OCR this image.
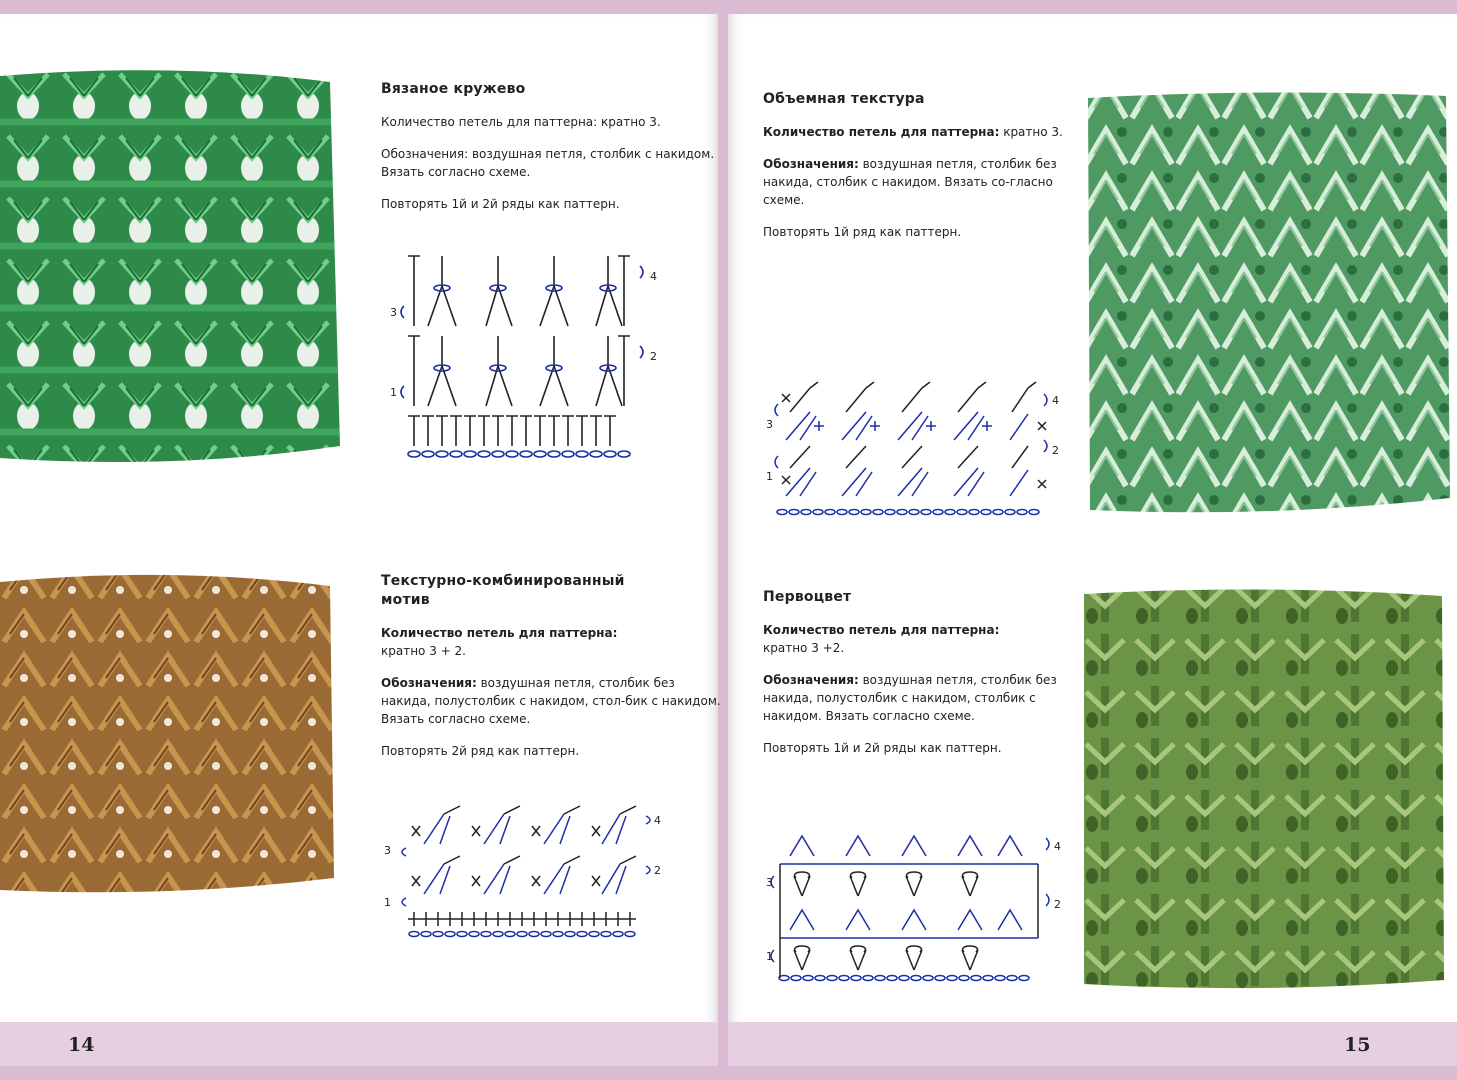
Вязаное кружево

Количество петель для паттерна: кратно 3.

Обозначения: воздушная петля, столбик с накидом. Вязать согласно схеме.

Повторять 1й и 2й ряды как паттерн.

4
3
2
1
Текстурно-комбинированный
мотив

Количество петель для паттерна:
кратно 3 + 2.

Обозначения: воздушная петля, столбик без накида, полустолбик с накидом, стол-бик с накидом. Вязать согласно схеме.

Повторять 2й ряд как паттерн.

4
3
2
1
14
Объемная текстура

Количество петель для паттерна: кратно 3.

Обозначения: воздушная петля, столбик без накида, столбик с накидом. Вязать со-гласно схеме.

Повторять 1й ряд как паттерн.

4
3
2
1
Первоцвет

Количество петель для паттерна:
кратно 3 +2.

Обозначения: воздушная петля, столбик без накида, полустолбик с накидом, столбик с накидом. Вязать согласно схеме.

Повторять 1й и 2й ряды как паттерн.

4
3
2
1
15
